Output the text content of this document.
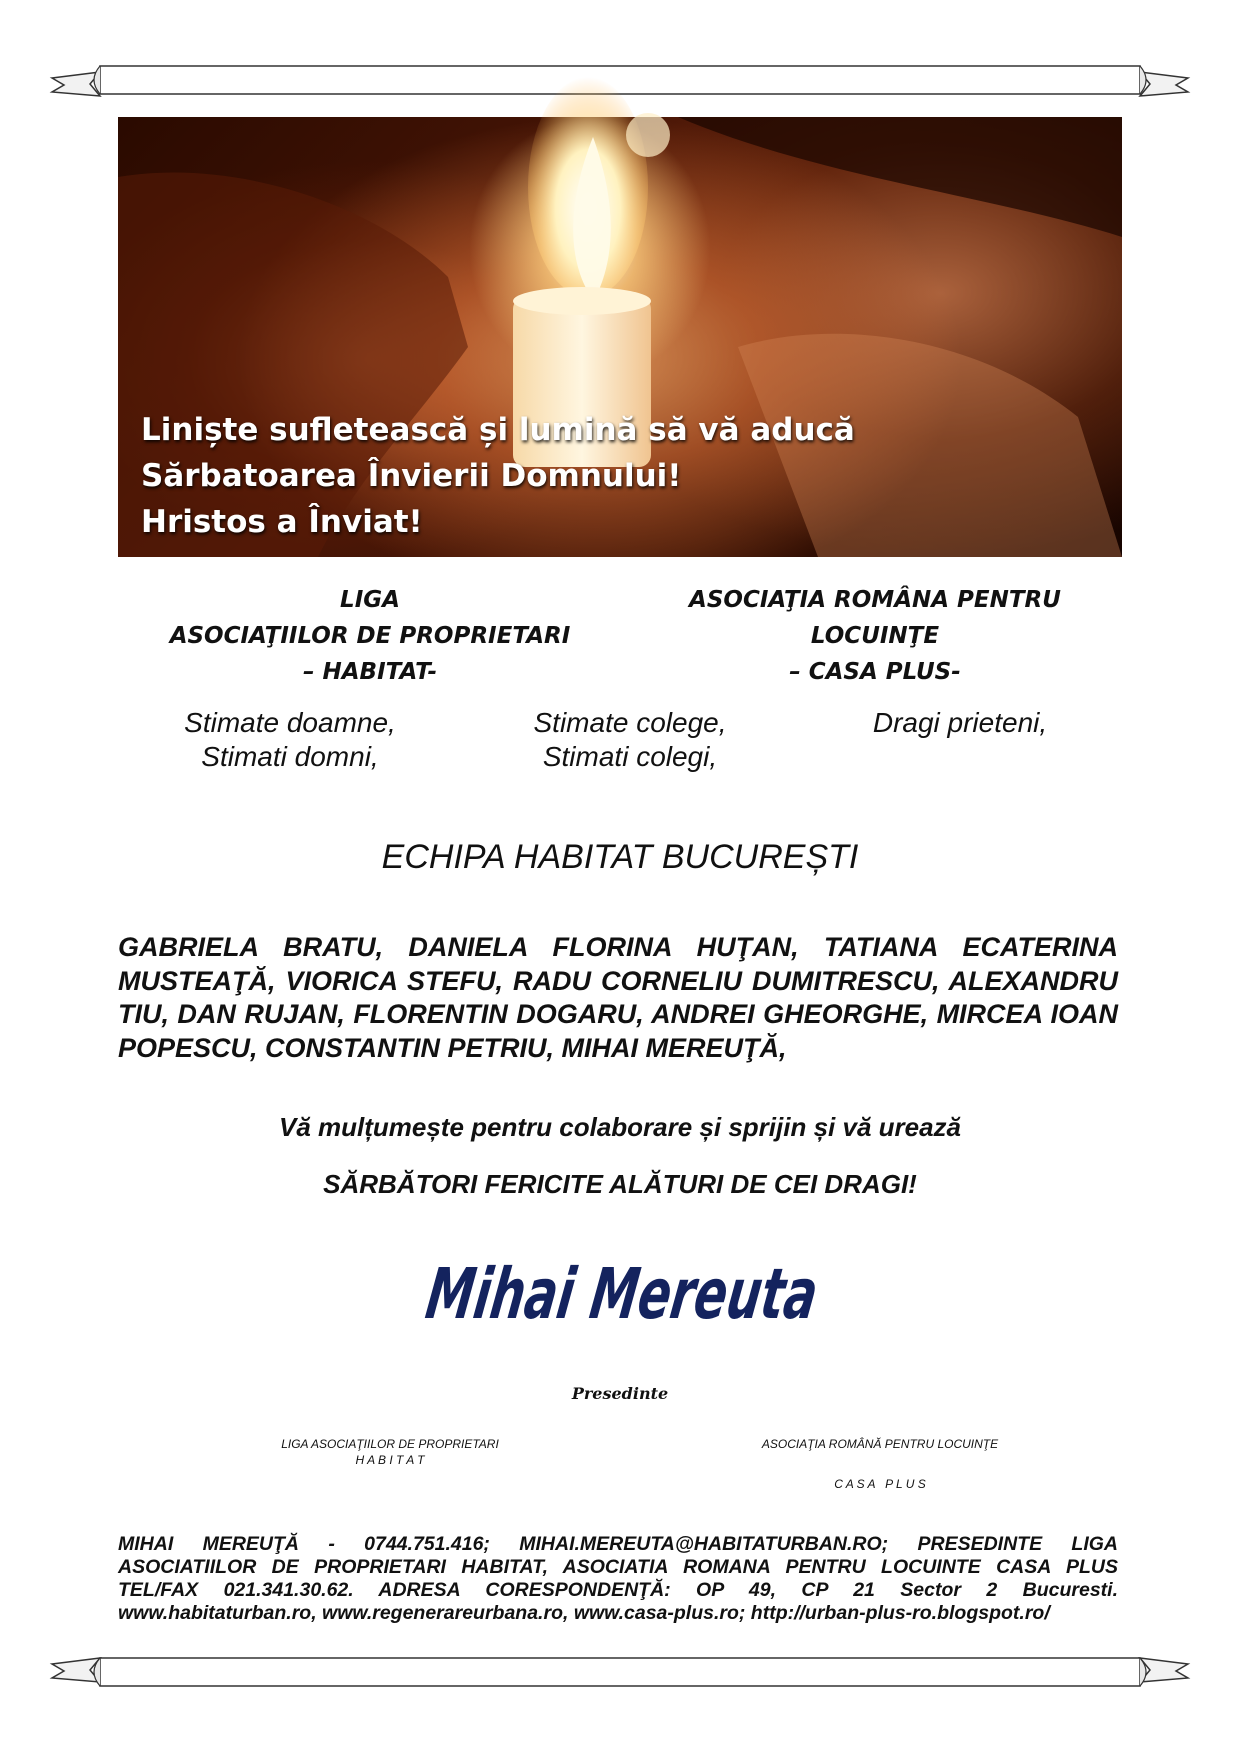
Liniște sufletească și lumină să vă aducă
Sărbatoarea Învierii Domnului!
Hristos a Înviat!

LIGA
ASOCIAŢIILOR DE PROPRIETARI
– HABITAT-

ASOCIAŢIA ROMÂNA PENTRU
LOCUINŢE
– CASA PLUS-

Stimate doamne,
Stimati domni,

Stimate colege,
Stimati colegi,

Dragi prieteni,

ECHIPA HABITAT BUCUREȘTI

GABRIELA BRATU, DANIELA FLORINA HUŢAN, TATIANA ECATERINA MUSTEAŢĂ, VIORICA STEFU, RADU CORNELIU DUMITRESCU, ALEXANDRU TIU, DAN RUJAN, FLORENTIN DOGARU, ANDREI GHEORGHE, MIRCEA IOAN POPESCU, CONSTANTIN PETRIU, MIHAI MEREUŢĂ,

Vă mulțumește pentru colaborare și sprijin și vă urează

SĂRBĂTORI FERICITE ALĂTURI DE CEI DRAGI!

Mihai Mereuta

Presedinte

LIGA ASOCIAŢIILOR DE PROPRIETARI
H A B I T A T

ASOCIAŢIA ROMÂNĂ PENTRU LOCUINŢE
C A S A   P L U S

MIHAI MEREUŢĂ - 0744.751.416; MIHAI.MEREUTA@HABITATURBAN.RO; PRESEDINTE LIGA
ASOCIATIILOR DE PROPRIETARI HABITAT, ASOCIATIA ROMANA PENTRU LOCUINTE CASA PLUS
TEL/FAX 021.341.30.62. ADRESA CORESPONDENŢĂ: OP 49, CP 21 Sector 2 Bucuresti.
www.habitaturban.ro, www.regenerareurbana.ro, www.casa-plus.ro; http://urban-plus-ro.blogspot.ro/
